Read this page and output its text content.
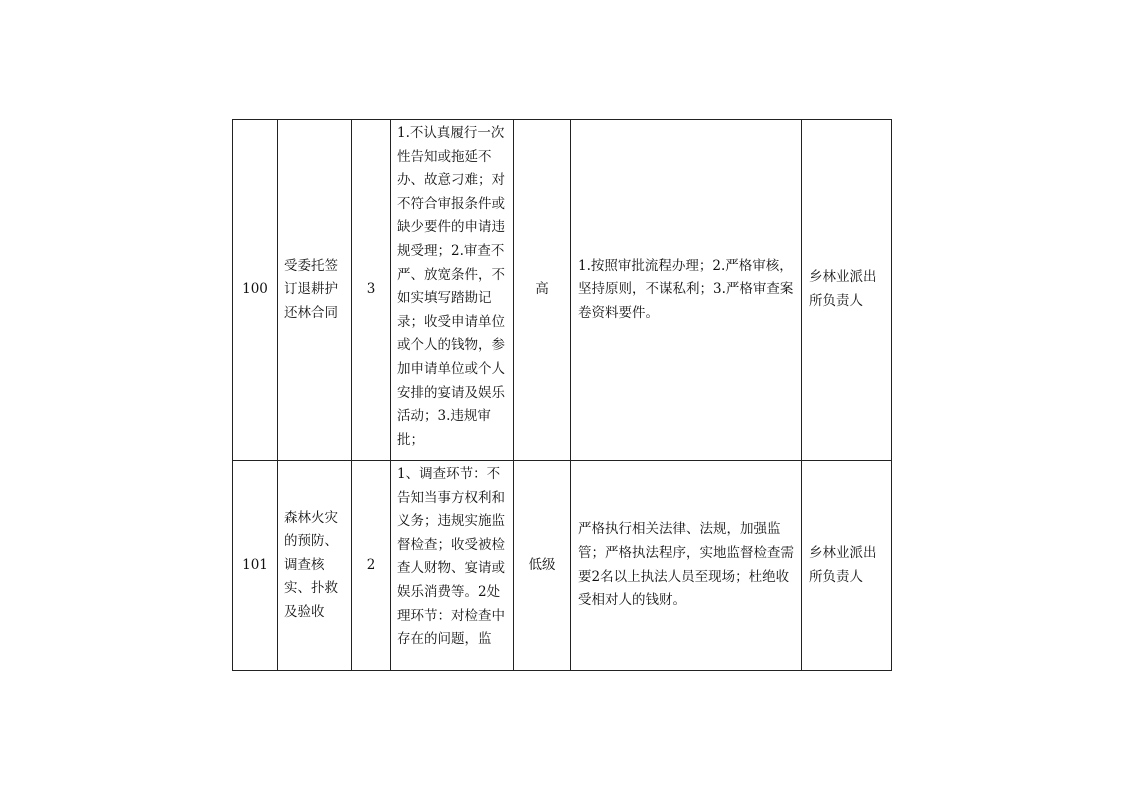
100	受委托签订退耕护还林合同	3	1.不认真履行一次性告知或拖延不办、故意刁难；对不符合审报条件或缺少要件的申请违规受理；2.审查不严、放宽条件，不如实填写踏勘记录；收受申请单位或个人的钱物，参加申请单位或个人安排的宴请及娱乐活动；3.违规审批；	高	1.按照审批流程办理；2.严格审核，坚持原则，不谋私利；3.严格审查案卷资料要件。	乡林业派出所负责人
101	森林火灾的预防、调查核实、扑救及验收	2	1、调查环节：不告知当事方权利和义务；违规实施监督检查；收受被检查人财物、宴请或娱乐消费等。2处理环节：对检查中存在的问题，监	低级	严格执行相关法律、法规，加强监管；严格执法程序，实地监督检查需要2名以上执法人员至现场；杜绝收受相对人的钱财。	乡林业派出所负责人
